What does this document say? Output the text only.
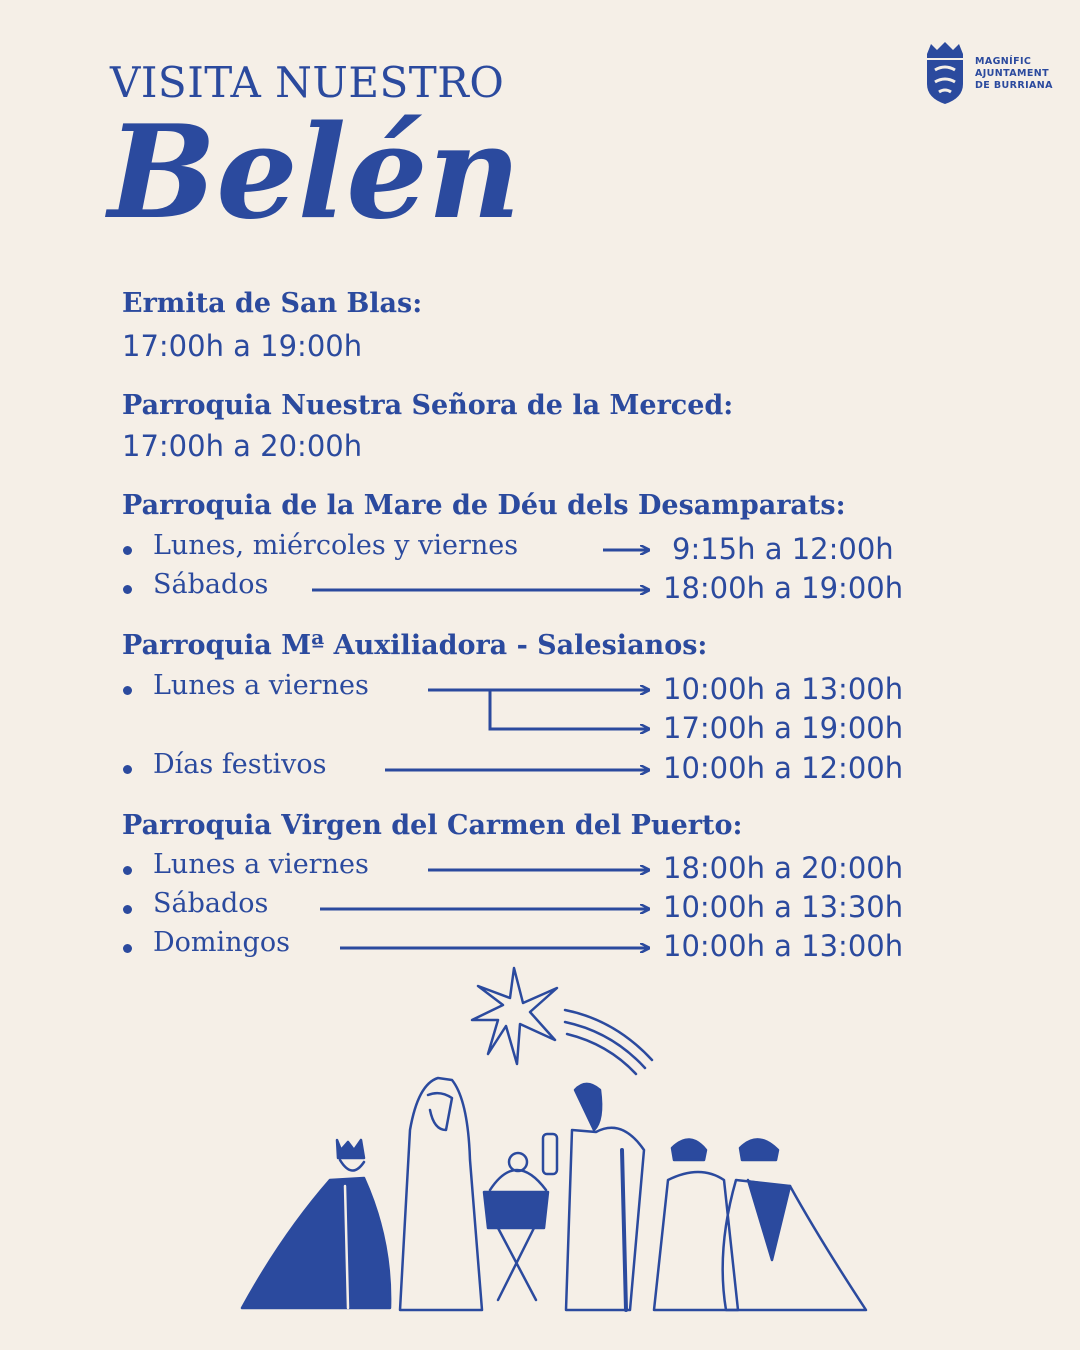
VISITA NUESTRO
Belén
MAGNÍFIC
AJUNTAMENT
DE BURRIANA
Ermita de San Blas:
17:00h a 19:00h
Parroquia Nuestra Señora de la Merced:
17:00h a 20:00h
Parroquia de la Mare de Déu dels Desamparats:
Lunes, miércoles y viernes	9:15h a 12:00h
Sábados	18:00h a 19:00h
Parroquia Mª Auxiliadora - Salesianos:
Lunes a viernes	10:00h a 13:00h
17:00h a 19:00h
Días festivos	10:00h a 12:00h
Parroquia Virgen del Carmen del Puerto:
Lunes a viernes	18:00h a 20:00h
Sábados	10:00h a 13:30h
Domingos	10:00h a 13:00h
